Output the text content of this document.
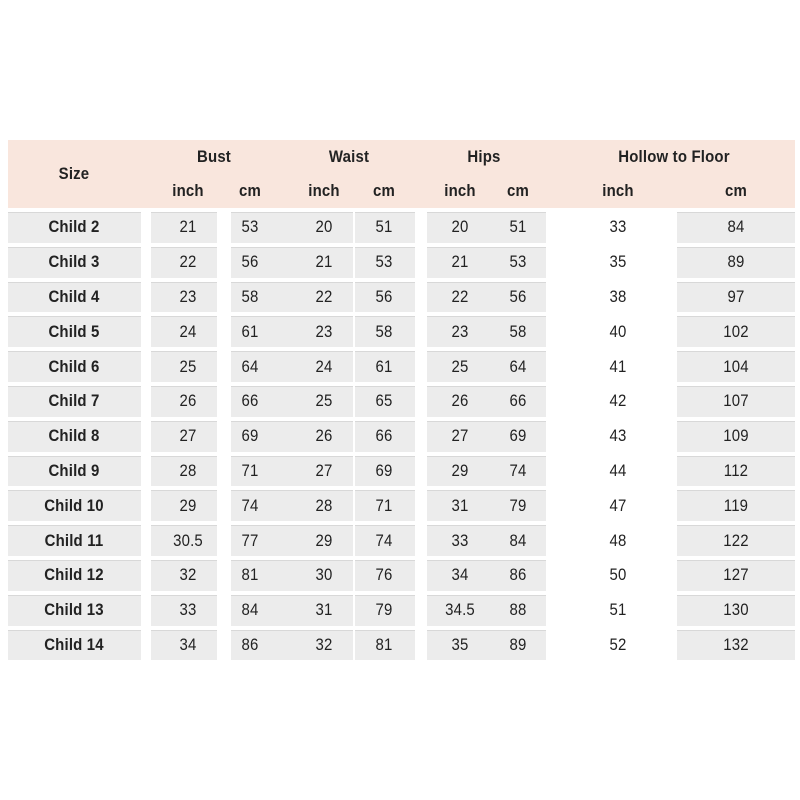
Size
Bust
inch	cm
Waist
inch	cm
Hips
inch	cm
Hollow to Floor
inch	cm
Child 2	21	53	20	51	20	51	33	84
Child 3	22	56	21	53	21	53	35	89
Child 4	23	58	22	56	22	56	38	97
Child 5	24	61	23	58	23	58	40	102
Child 6	25	64	24	61	25	64	41	104
Child 7	26	66	25	65	26	66	42	107
Child 8	27	69	26	66	27	69	43	109
Child 9	28	71	27	69	29	74	44	112
Child 10	29	74	28	71	31	79	47	119
Child 11	30.5	77	29	74	33	84	48	122
Child 12	32	81	30	76	34	86	50	127
Child 13	33	84	31	79	34.5	88	51	130
Child 14	34	86	32	81	35	89	52	132
